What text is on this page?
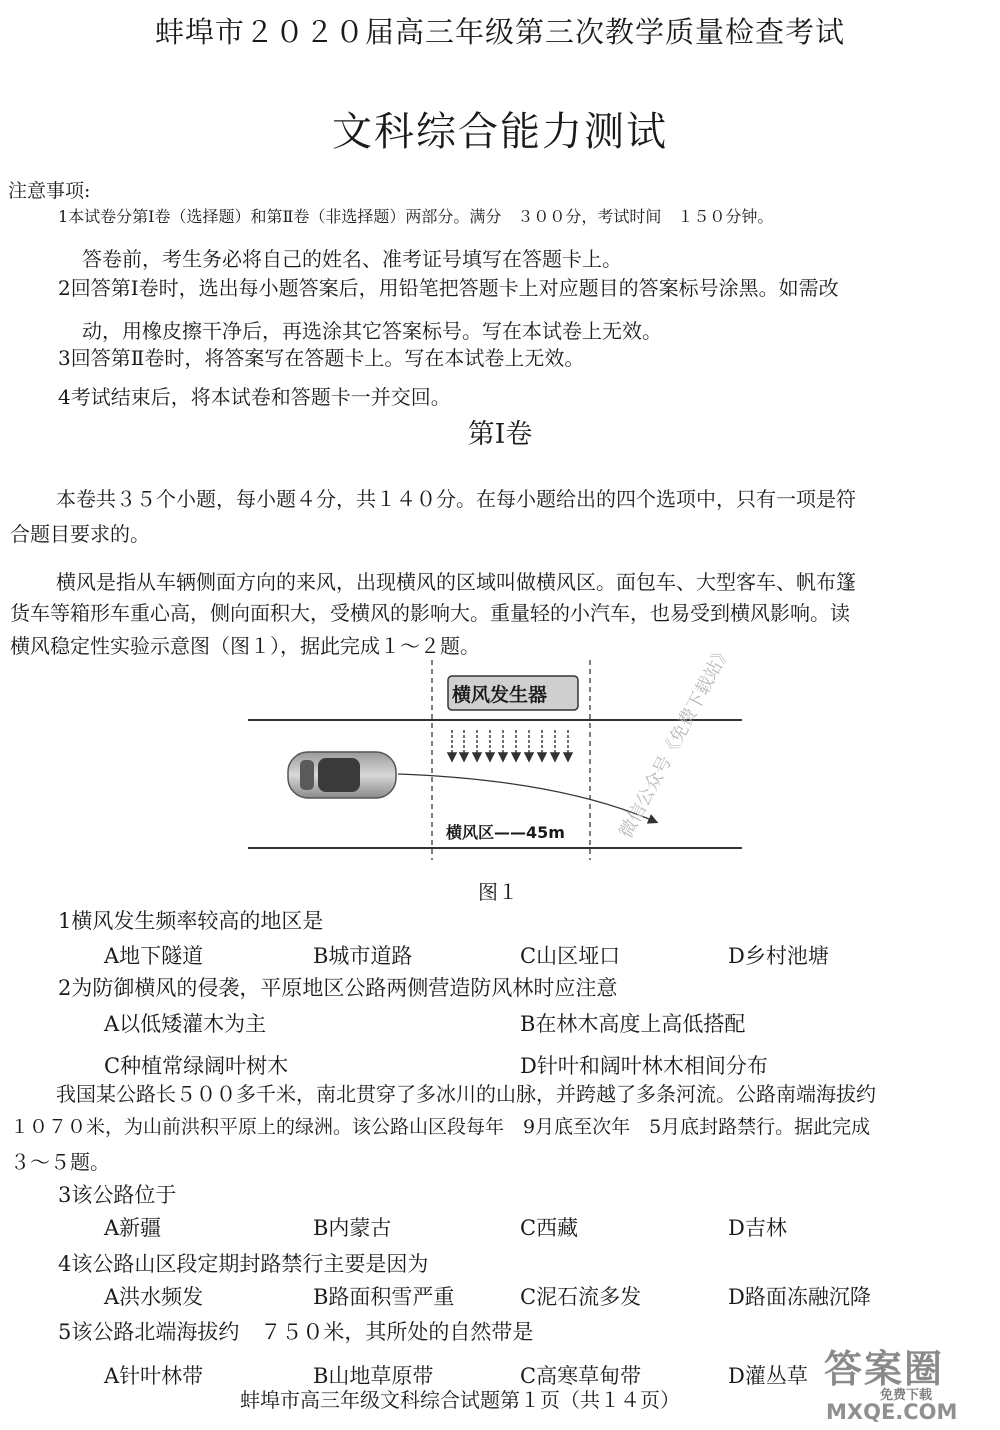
蚌埠市２０２０届高三年级第三次教学质量检查考试
文科综合能力测试
注意事项:
1本试卷分第Ⅰ卷（选择题）和第Ⅱ卷（非选择题）两部分。满分　３００分，考试时间　１５０分钟。
答卷前，考生务必将自己的姓名、准考证号填写在答题卡上。
2回答第Ⅰ卷时，选出每小题答案后，用铅笔把答题卡上对应题目的答案标号涂黑。如需改
动，用橡皮擦干净后，再选涂其它答案标号。写在本试卷上无效。
3回答第Ⅱ卷时，将答案写在答题卡上。写在本试卷上无效。
4考试结束后，将本试卷和答题卡一并交回。
第Ⅰ卷
本卷共３５个小题，每小题４分，共１４０分。在每小题给出的四个选项中，只有一项是符
合题目要求的。
横风是指从车辆侧面方向的来风，出现横风的区域叫做横风区。面包车、大型客车、帆布篷
货车等箱形车重心高，侧向面积大，受横风的影响大。重量轻的小汽车，也易受到横风影响。读
横风稳定性实验示意图（图１），据此完成１～２题。
横风发生器
横风区——45m	微信公众号《免费下载站》
图１
1横风发生频率较高的地区是
A地下隧道	B城市道路	C山区垭口	D乡村池塘
2为防御横风的侵袭，平原地区公路两侧营造防风林时应注意
A以低矮灌木为主	B在林木高度上高低搭配
C种植常绿阔叶树木	D针叶和阔叶林木相间分布
我国某公路长５００多千米，南北贯穿了多冰川的山脉，并跨越了多条河流。公路南端海拔约
１０７０米，为山前洪积平原上的绿洲。该公路山区段每年　9月底至次年　5月底封路禁行。据此完成
３～５题。
3该公路位于
A新疆	B内蒙古	C西藏	D吉林
4该公路山区段定期封路禁行主要是因为
A洪水频发	B路面积雪严重	C泥石流多发	D路面冻融沉降
5该公路北端海拔约　７５０米，其所处的自然带是
A针叶林带	B山地草原带	C高寒草甸带	D灌丛草
蚌埠市高三年级文科综合试题第１页（共１４页）
答案圈
免费下载
MXQE.COM
